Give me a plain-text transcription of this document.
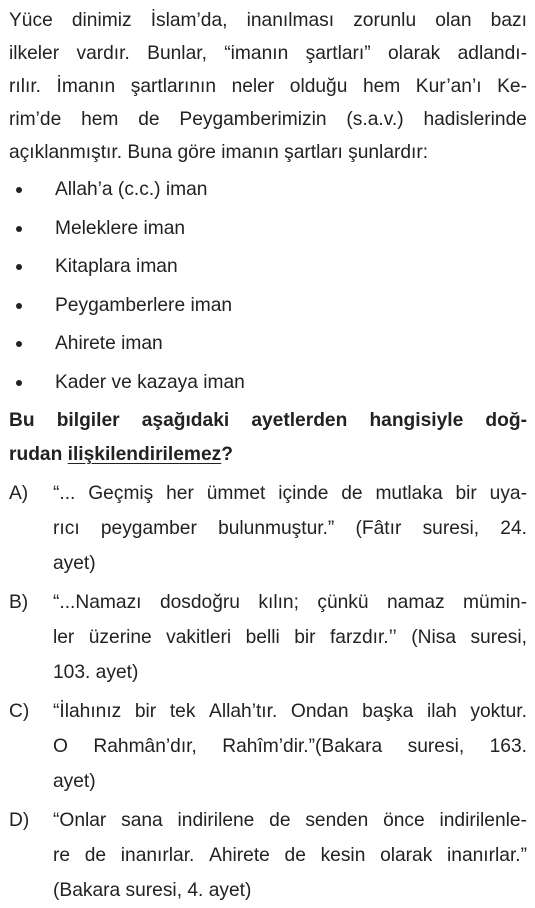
Yüce dinimiz İslam’da, inanılması zorunlu olan bazı
ilkeler vardır. Bunlar, “imanın şartları” olarak adlandı-
rılır. İmanın şartlarının neler olduğu hem Kur’an’ı Ke-
rim’de hem de Peygamberimizin (s.a.v.) hadislerinde
açıklanmıştır. Buna göre imanın şartları şunlardır:
Allah’a (c.c.) iman
Meleklere iman
Kitaplara iman
Peygamberlere iman
Ahirete iman
Kader ve kazaya iman
Bu bilgiler aşağıdaki ayetlerden hangisiyle doğ-
rudan ilişkilendirilemez ?
A)	“... Geçmiş her ümmet içinde de mutlaka bir uya-
rıcı peygamber bulunmuştur.” (Fâtır suresi, 24.
ayet)
B)	“...Namazı dosdoğru kılın; çünkü namaz mümin-
ler üzerine vakitleri belli bir farzdır.’’ (Nisa suresi,
103. ayet)
C)	“İlahınız bir tek Allah’tır. Ondan başka ilah yoktur.
O Rahmân’dır, Rahîm’dir.”(Bakara suresi, 163.
ayet)
D)	“Onlar sana indirilene de senden önce indirilenle-
re de inanırlar. Ahirete de kesin olarak inanırlar.”
(Bakara suresi, 4. ayet)
